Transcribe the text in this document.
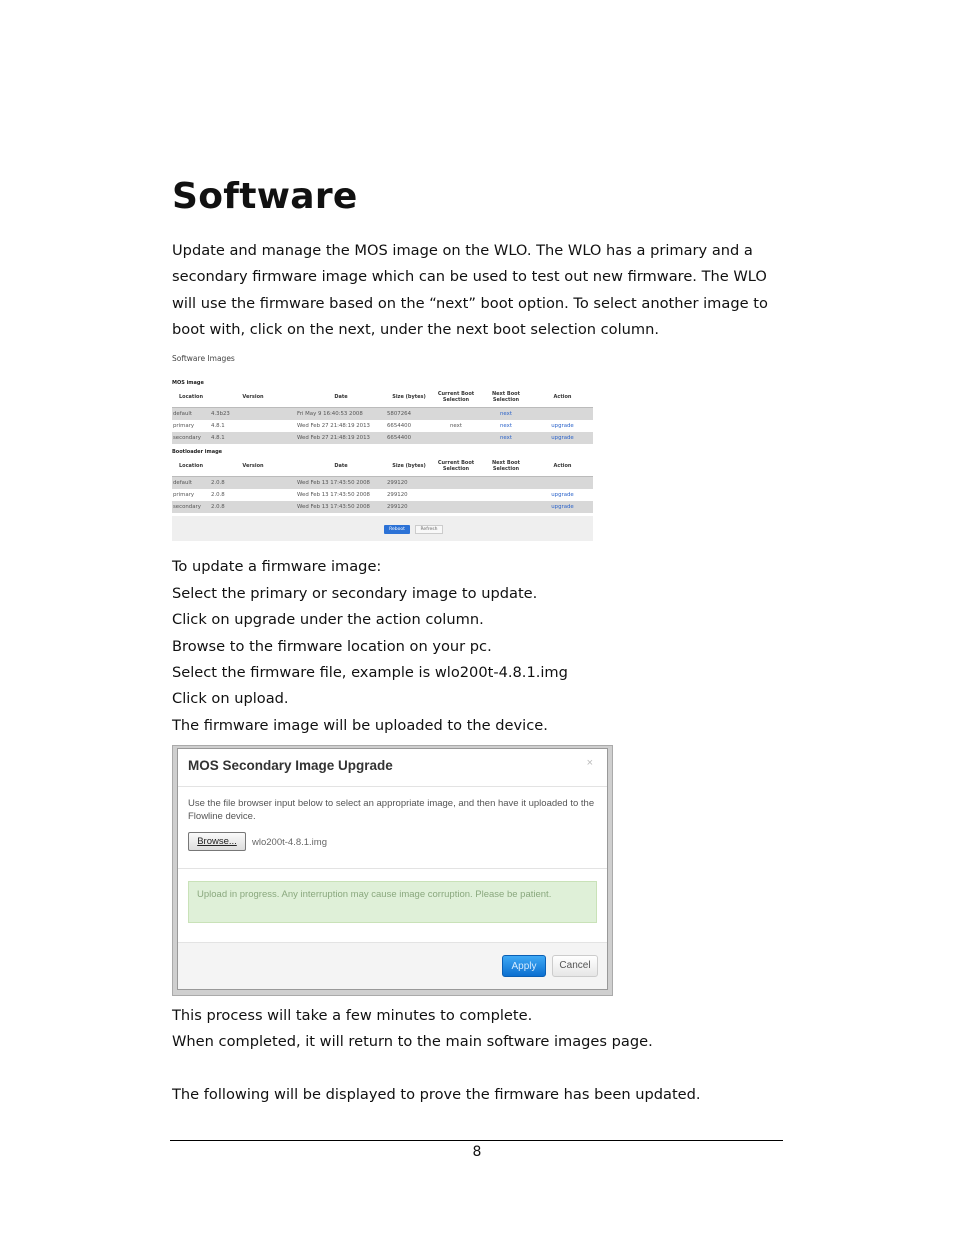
Software

Update and manage the MOS image on the WLO. The WLO has a primary and a secondary firmware image which can be used to test out new firmware. The WLO will use the firmware based on the “next” boot option. To select another image to boot with, click on the next, under the next boot selection column.

Software Images
MOS image
Location	Version	Date	Size (bytes)	Current Boot Selection	Next Boot Selection	Action
default	4.3b23	Fri May 9 16:40:53 2008	5807264		next	
primary	4.8.1	Wed Feb 27 21:48:19 2013	6654400	next	next	upgrade
secondary	4.8.1	Wed Feb 27 21:48:19 2013	6654400		next	upgrade
Bootloader image
Location	Version	Date	Size (bytes)	Current Boot Selection	Next Boot Selection	Action
default	2.0.8	Wed Feb 13 17:43:50 2008	299120			
primary	2.0.8	Wed Feb 13 17:43:50 2008	299120			upgrade
secondary	2.0.8	Wed Feb 13 17:43:50 2008	299120			upgrade
Reboot	Refresh

To update a firmware image:

Select the primary or secondary image to update.

Click on upgrade under the action column.

Browse to the firmware location on your pc.

Select the firmware file, example is wlo200t-4.8.1.img

Click on upload.

The firmware image will be uploaded to the device.

MOS Secondary Image Upgrade	×

Use the file browser input below to select an appropriate image, and then have it uploaded to the Flowline device.

Browse...	wlo200t-4.8.1.img
Upload in progress. Any interruption may cause image corruption. Please be patient.
Apply	Cancel

This process will take a few minutes to complete.

When completed, it will return to the main software images page.

The following will be displayed to prove the firmware has been updated.

8
